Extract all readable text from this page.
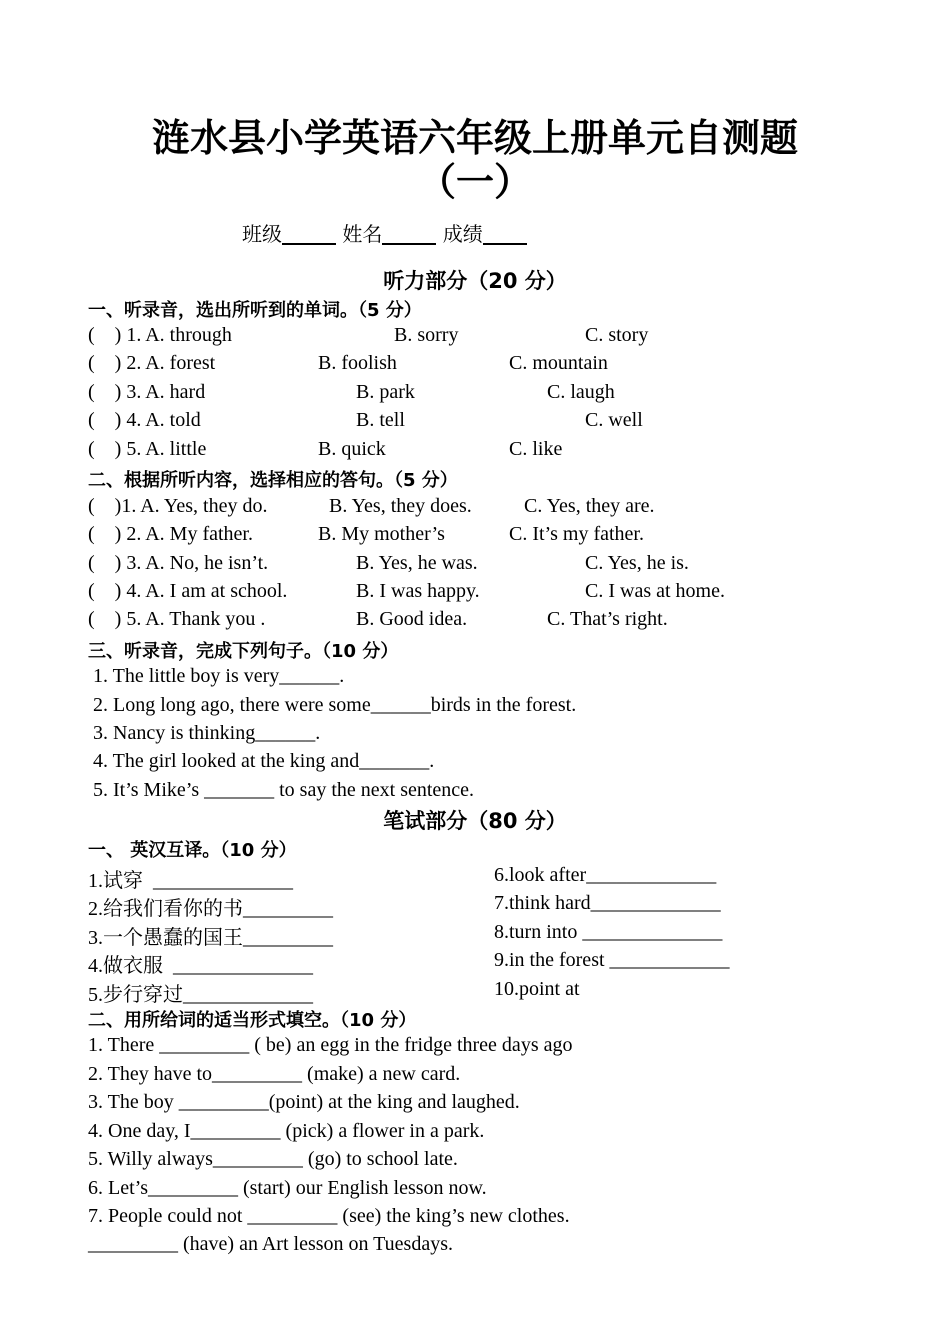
涟水县小学英语六年级上册单元自测题
（一）
班级	姓名	成绩
听力部分（20 分）
一、听录音，选出所听到的单词。（5 分）
(    ) 1. A. through	B. sorry	C. story
(    ) 2. A. forest	B. foolish	C. mountain
(    ) 3. A. hard	B. park	C. laugh
(    ) 4. A. told	B. tell	C. well
(    ) 5. A. little	B. quick	C. like
二、根据所听内容，选择相应的答句。（5 分）
(    )1. A. Yes, they do.	B. Yes, they does.	C. Yes, they are.
(    ) 2. A. My father.	B. My mother’s	C. It’s my father.
(    ) 3. A. No, he isn’t.	B. Yes, he was.	C. Yes, he is.
(    ) 4. A. I am at school.	B. I was happy.	C. I was at home.
(    ) 5. A. Thank you .	B. Good idea.	C. That’s right.
三、听录音，完成下列句子。（10 分）
1. The little boy is very______.
2. Long long ago, there were some______birds in the forest.
3. Nancy is thinking______.
4. The girl looked at the king and_______.
5. It’s Mike’s _______ to say the next sentence.
笔试部分（80 分）
一、 英汉互译。（10 分）
1.试穿  ______________	6.look after_____________
2.给我们看你的书_________	7.think hard_____________
3.一个愚蠢的国王_________	8.turn into ______________
4.做衣服  ______________	9.in the forest ____________
5.步行穿过_____________	10.point at
二、用所给词的适当形式填空。（10 分）
1. There _________ ( be) an egg in the fridge three days ago
2. They have to_________ (make) a new card.
3. The boy _________(point) at the king and laughed.
4. One day, I_________ (pick) a flower in a park.
5. Willy always_________ (go) to school late.
6. Let’s_________ (start) our English lesson now.
7. People could not _________ (see) the king’s new clothes.
_________ (have) an Art lesson on Tuesdays.
